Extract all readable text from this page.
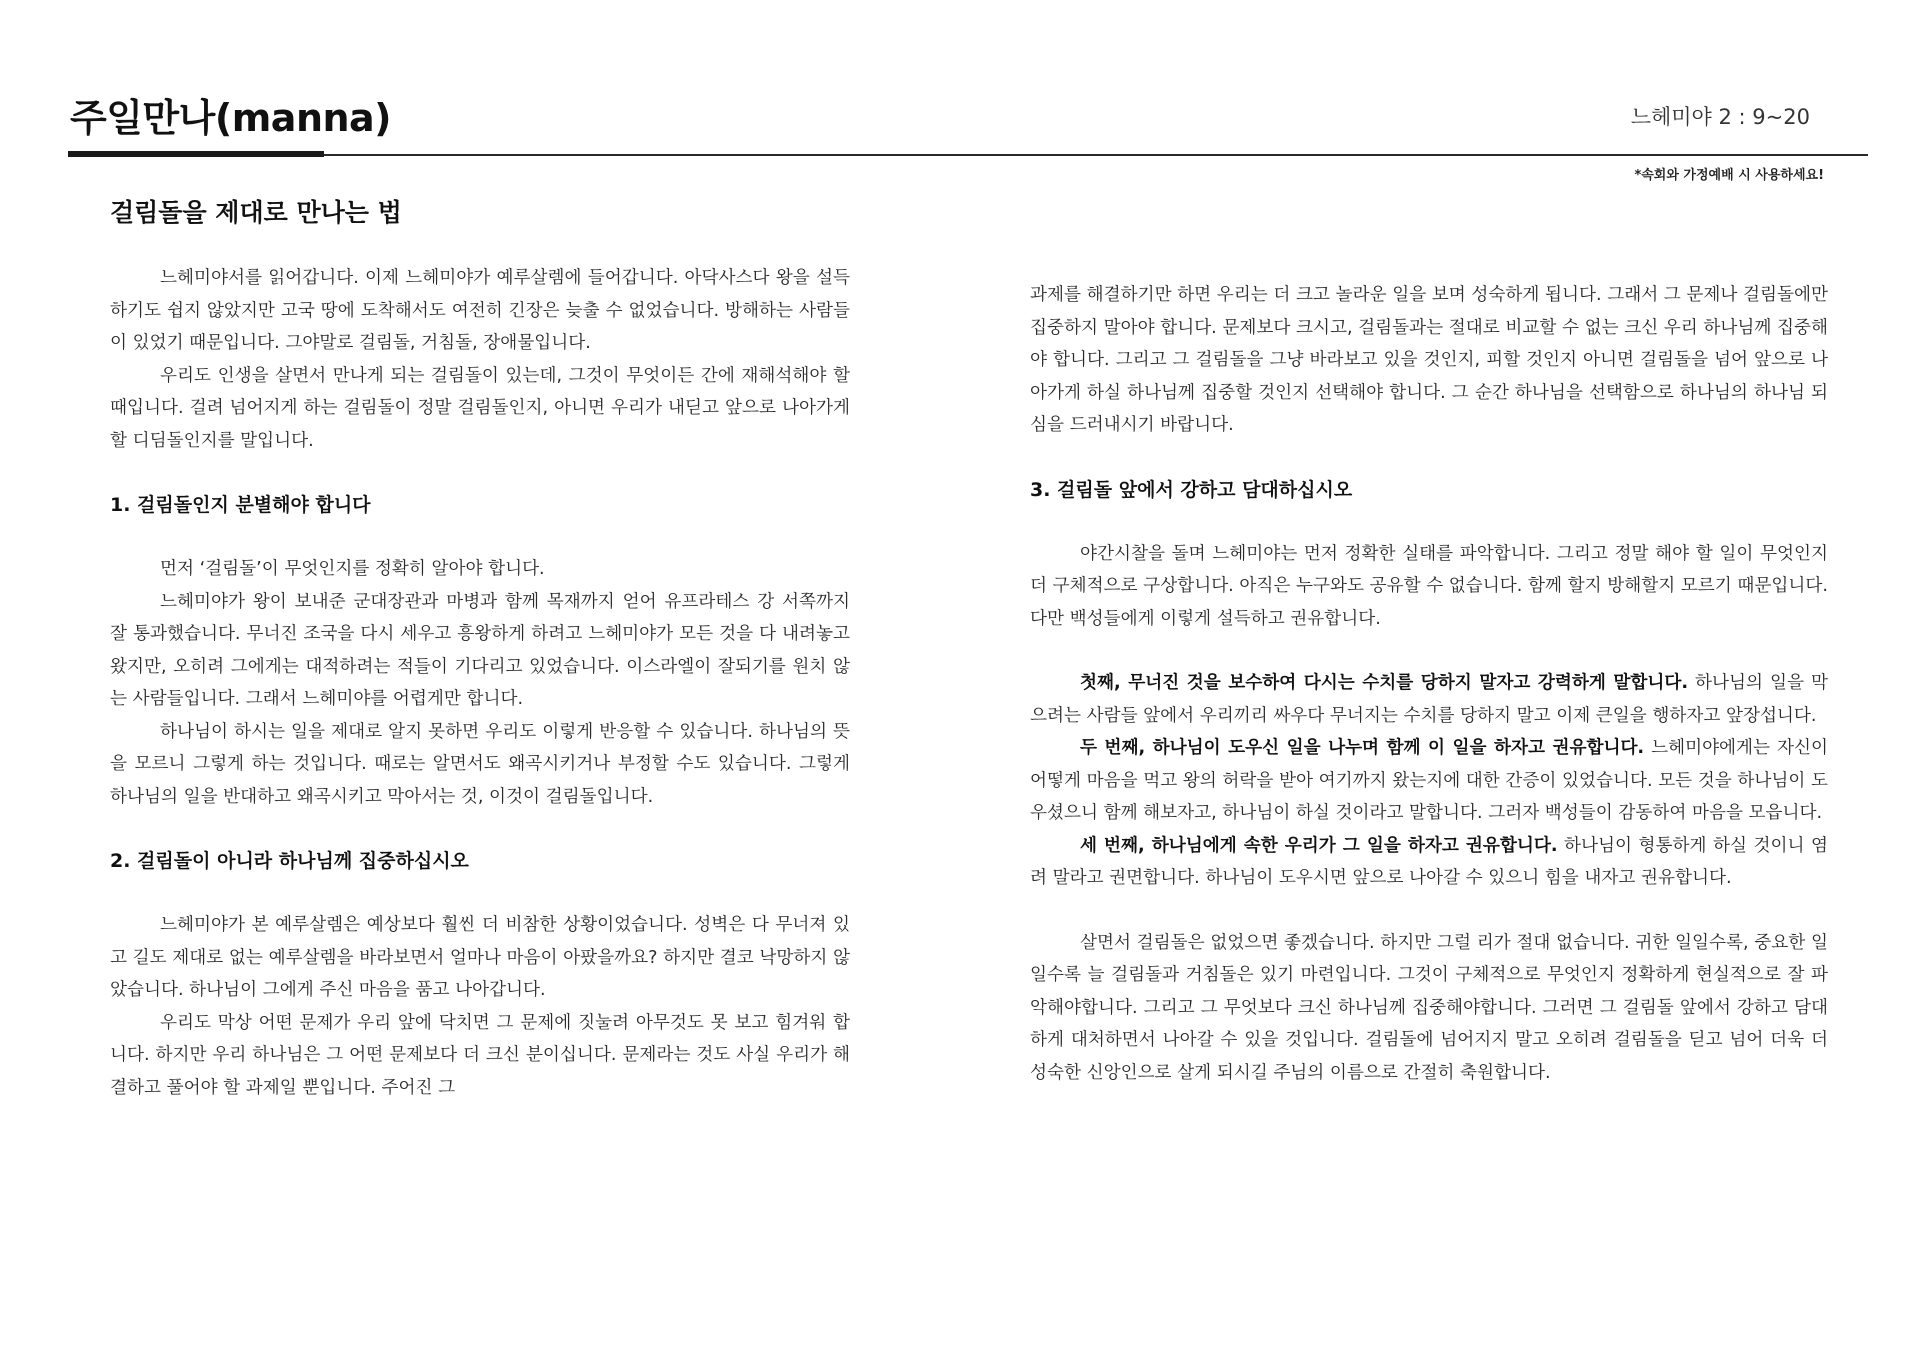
주일만나(manna)	느헤미야 2 : 9~20
*속회와 가정예배 시 사용하세요!
걸림돌을 제대로 만나는 법

느헤미야서를 읽어갑니다. 이제 느헤미야가 예루살렘에 들어갑니다. 아닥사스다 왕을 설득하기도 쉽지 않았지만 고국 땅에 도착해서도 여전히 긴장은 늦출 수 없었습니다. 방해하는 사람들이 있었기 때문입니다. 그야말로 걸림돌, 거침돌, 장애물입니다.

우리도 인생을 살면서 만나게 되는 걸림돌이 있는데, 그것이 무엇이든 간에 재해석해야 할 때입니다. 걸려 넘어지게 하는 걸림돌이 정말 걸림돌인지, 아니면 우리가 내딛고 앞으로 나아가게 할 디딤돌인지를 말입니다.

1. 걸림돌인지 분별해야 합니다

먼저 ‘걸림돌’이 무엇인지를 정확히 알아야 합니다.

느헤미야가 왕이 보내준 군대장관과 마병과 함께 목재까지 얻어 유프라테스 강 서쪽까지 잘 통과했습니다. 무너진 조국을 다시 세우고 흥왕하게 하려고 느헤미야가 모든 것을 다 내려놓고 왔지만, 오히려 그에게는 대적하려는 적들이 기다리고 있었습니다. 이스라엘이 잘되기를 원치 않는 사람들입니다. 그래서 느헤미야를 어렵게만 합니다.

하나님이 하시는 일을 제대로 알지 못하면 우리도 이렇게 반응할 수 있습니다. 하나님의 뜻을 모르니 그렇게 하는 것입니다. 때로는 알면서도 왜곡시키거나 부정할 수도 있습니다. 그렇게 하나님의 일을 반대하고 왜곡시키고 막아서는 것, 이것이 걸림돌입니다.

2. 걸림돌이 아니라 하나님께 집중하십시오

느헤미야가 본 예루살렘은 예상보다 훨씬 더 비참한 상황이었습니다. 성벽은 다 무너져 있고 길도 제대로 없는 예루살렘을 바라보면서 얼마나 마음이 아팠을까요? 하지만 결코 낙망하지 않았습니다. 하나님이 그에게 주신 마음을 품고 나아갑니다.

우리도 막상 어떤 문제가 우리 앞에 닥치면 그 문제에 짓눌려 아무것도 못 보고 힘겨워 합니다. 하지만 우리 하나님은 그 어떤 문제보다 더 크신 분이십니다. 문제라는 것도 사실 우리가 해결하고 풀어야 할 과제일 뿐입니다. 주어진 그

과제를 해결하기만 하면 우리는 더 크고 놀라운 일을 보며 성숙하게 됩니다. 그래서 그 문제나 걸림돌에만 집중하지 말아야 합니다. 문제보다 크시고, 걸림돌과는 절대로 비교할 수 없는 크신 우리 하나님께 집중해야 합니다. 그리고 그 걸림돌을 그냥 바라보고 있을 것인지, 피할 것인지 아니면 걸림돌을 넘어 앞으로 나아가게 하실 하나님께 집중할 것인지 선택해야 합니다. 그 순간 하나님을 선택함으로 하나님의 하나님 되심을 드러내시기 바랍니다.

3. 걸림돌 앞에서 강하고 담대하십시오

야간시찰을 돌며 느헤미야는 먼저 정확한 실태를 파악합니다. 그리고 정말 해야 할 일이 무엇인지 더 구체적으로 구상합니다. 아직은 누구와도 공유할 수 없습니다. 함께 할지 방해할지 모르기 때문입니다. 다만 백성들에게 이렇게 설득하고 권유합니다.

첫째, 무너진 것을 보수하여 다시는 수치를 당하지 말자고 강력하게 말합니다. 하나님의 일을 막으려는 사람들 앞에서 우리끼리 싸우다 무너지는 수치를 당하지 말고 이제 큰일을 행하자고 앞장섭니다.

두 번째, 하나님이 도우신 일을 나누며 함께 이 일을 하자고 권유합니다. 느헤미야에게는 자신이 어떻게 마음을 먹고 왕의 허락을 받아 여기까지 왔는지에 대한 간증이 있었습니다. 모든 것을 하나님이 도우셨으니 함께 해보자고, 하나님이 하실 것이라고 말합니다. 그러자 백성들이 감동하여 마음을 모읍니다.

세 번째, 하나님에게 속한 우리가 그 일을 하자고 권유합니다. 하나님이 형통하게 하실 것이니 염려 말라고 권면합니다. 하나님이 도우시면 앞으로 나아갈 수 있으니 힘을 내자고 권유합니다.

살면서 걸림돌은 없었으면 좋겠습니다. 하지만 그럴 리가 절대 없습니다. 귀한 일일수록, 중요한 일일수록 늘 걸림돌과 거침돌은 있기 마련입니다. 그것이 구체적으로 무엇인지 정확하게 현실적으로 잘 파악해야합니다. 그리고 그 무엇보다 크신 하나님께 집중해야합니다. 그러면 그 걸림돌 앞에서 강하고 담대하게 대처하면서 나아갈 수 있을 것입니다. 걸림돌에 넘어지지 말고 오히려 걸림돌을 딛고 넘어 더욱 더 성숙한 신앙인으로 살게 되시길 주님의 이름으로 간절히 축원합니다.
